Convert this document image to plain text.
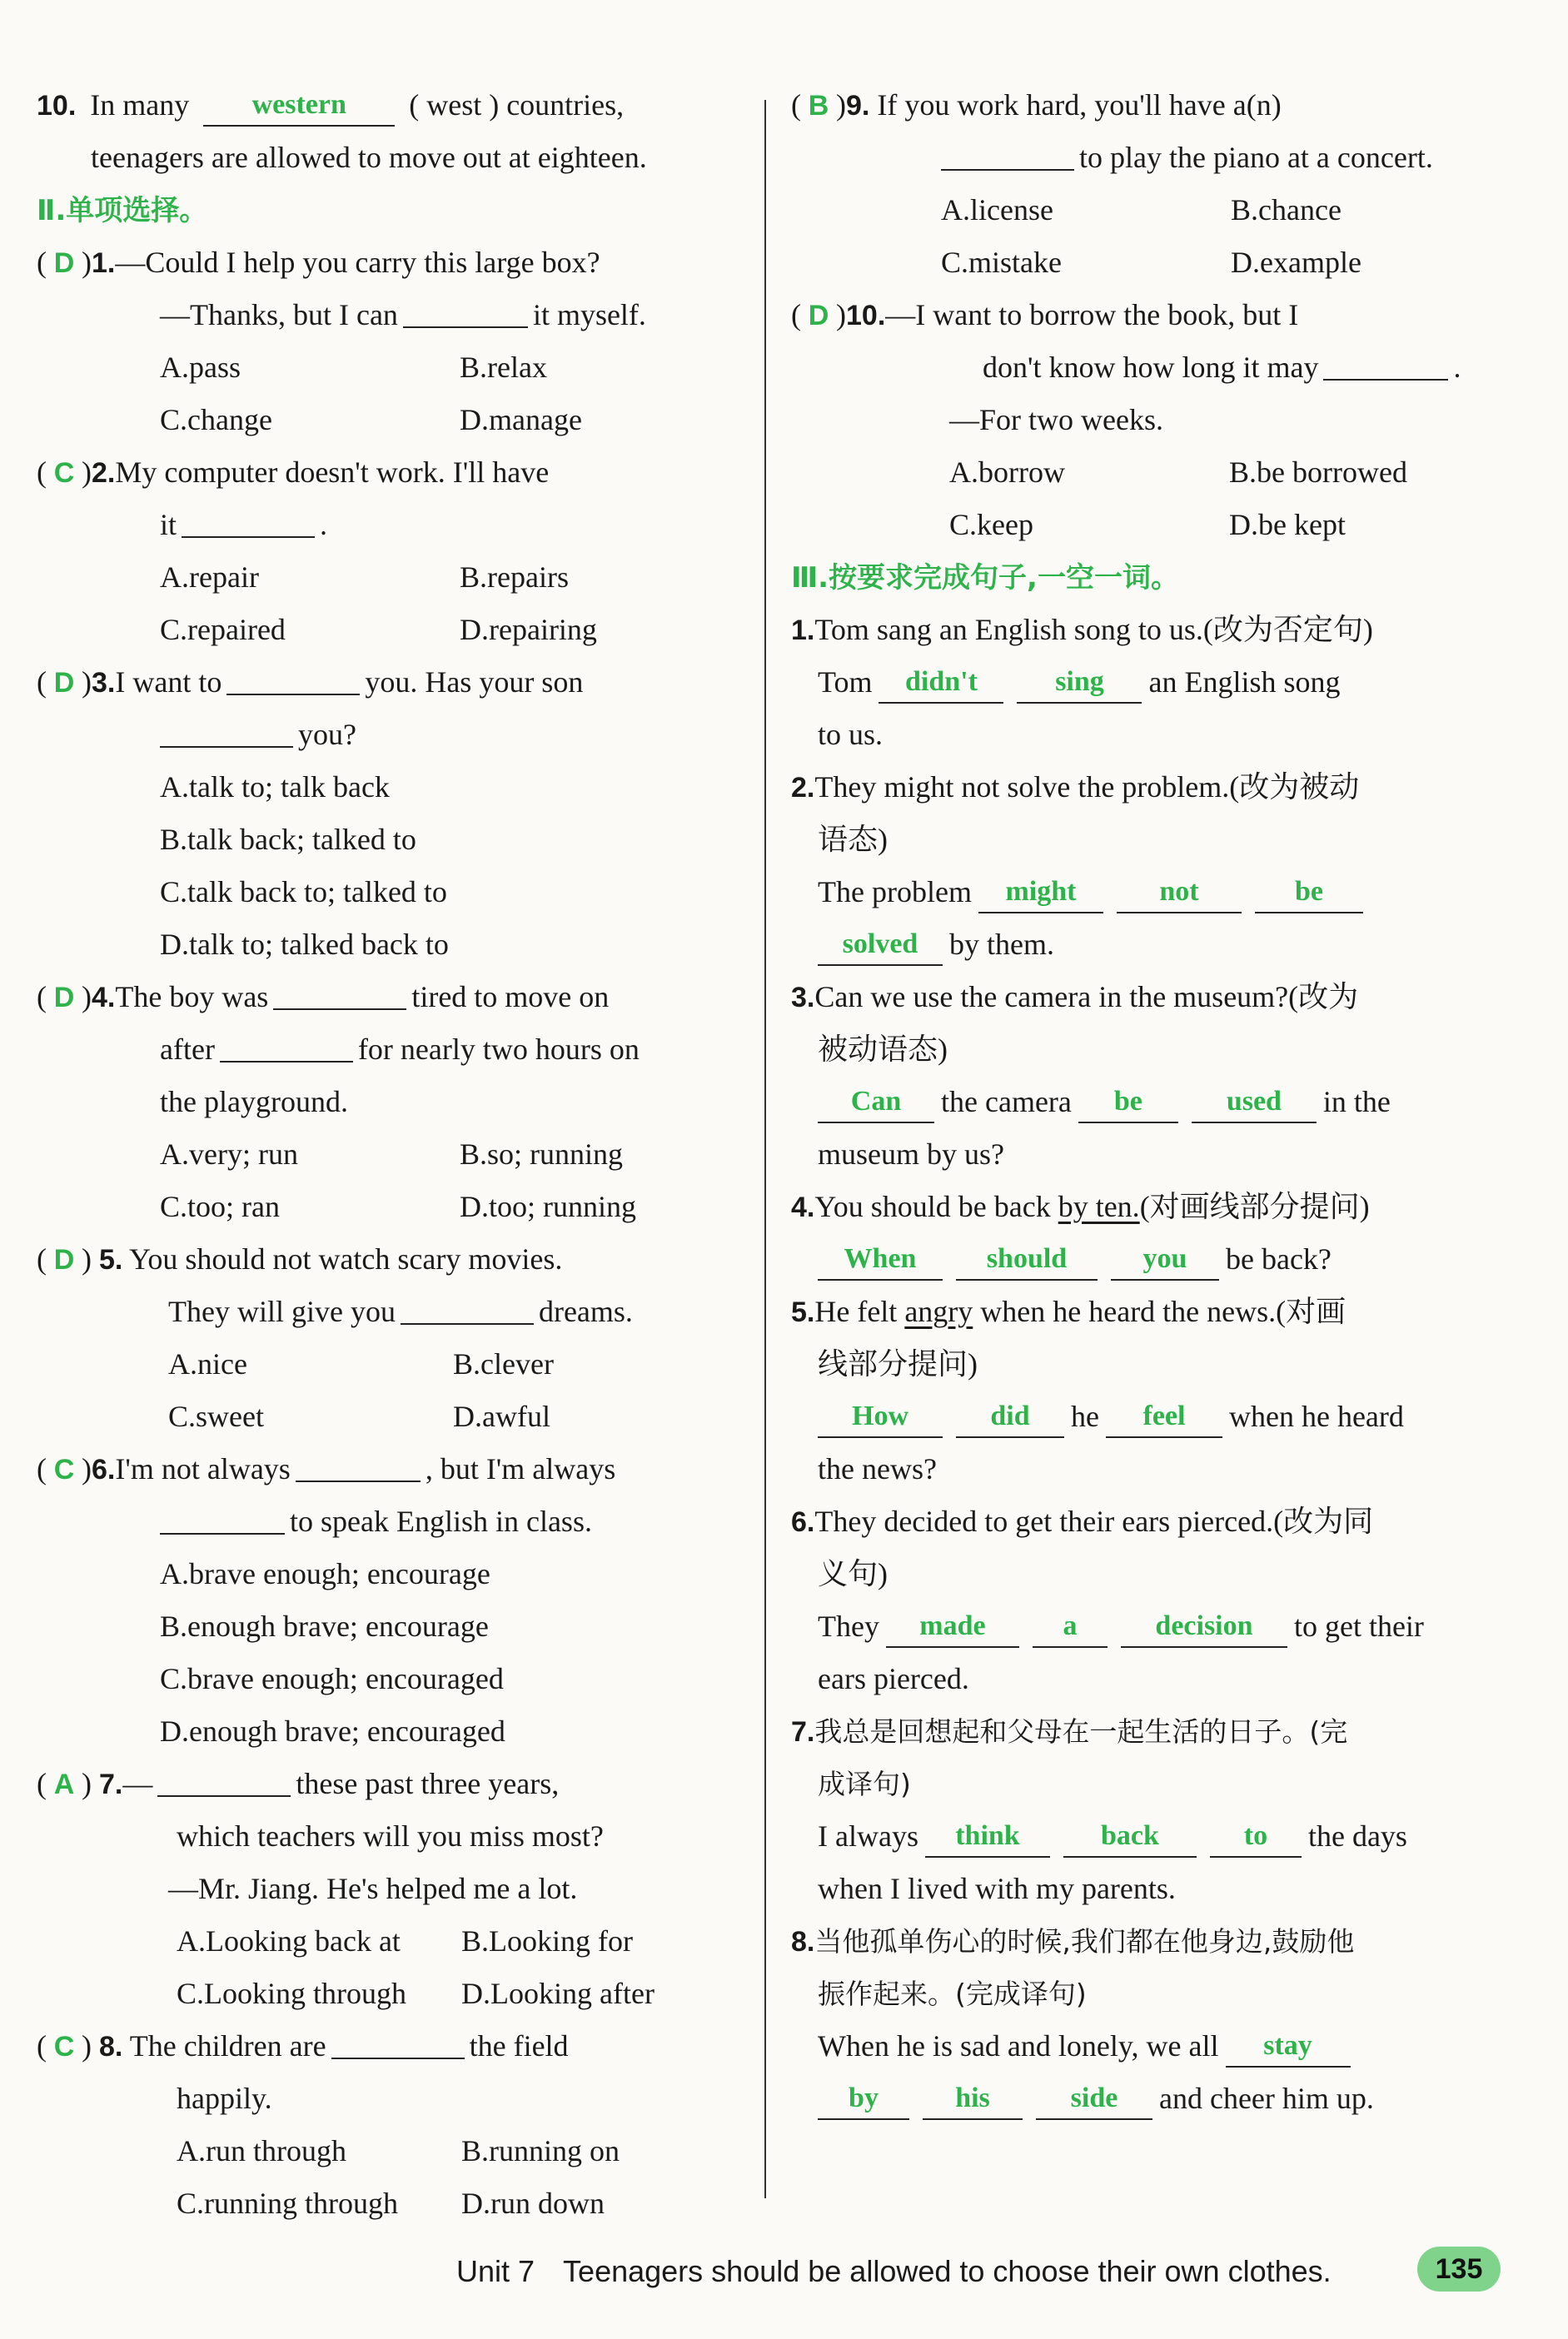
10. In many western ( west ) countries,
teenagers are allowed to move out at eighteen.
Ⅱ.单项选择。
( D )1.—Could I help you carry this large box?
—Thanks, but I can	it myself.
A.pass	B.relax
C.change	D.manage
( C )2.My computer doesn't work. I'll have
it	.
A.repair	B.repairs
C.repaired	D.repairing
( D )3.I want to	you. Has your son
you?
A.talk to; talk back
B.talk back; talked to
C.talk back to; talked to
D.talk to; talked back to
( D )4.The boy was	tired to move on
after	for nearly two hours on
the playground.
A.very; run	B.so; running
C.too; ran	D.too; running
( D ) 5. You should not watch scary movies.
They will give you	dreams.
A.nice	B.clever
C.sweet	D.awful
( C )6.I'm not always	, but I'm always
to speak English in class.
A.brave enough; encourage
B.enough brave; encourage
C.brave enough; encouraged
D.enough brave; encouraged
( A ) 7.—	these past three years,
which teachers will you miss most?
—Mr. Jiang. He's helped me a lot.
A.Looking back at B.Looking for
C.Looking through D.Looking after
( C ) 8. The children are	the field
happily.
A.run through	B.running on
C.running through D.run down
( B )9. If you work hard, you'll have a(n)
to play the piano at a concert.
A.license	B.chance
C.mistake	D.example
( D )10.—I want to borrow the book, but I
don't know how long it may	.
—For two weeks.
A.borrow	B.be borrowed
C.keep	D.be kept
Ⅲ.按要求完成句子,一空一词。
1.Tom sang an English song to us.(改为否定句)
Tom didn't	sing an English song
to us.
2.They might not solve the problem.(改为被动
语态)
The problem might	not	be
solved by them.
3.Can we use the camera in the museum?(改为
被动语态)
Can the camera be	used in the
museum by us?
4.You should be back by ten.(对画线部分提问)
When should	you be back?
5.He felt angry when he heard the news.(对画
线部分提问)
How	did he feel when he heard
the news?
6.They decided to get their ears pierced.(改为同
义句)
They made	a	decision to get their
ears pierced.
7.我总是回想起和父母在一起生活的日子。(完
成译句)
I always think	back	to the days
when I lived with my parents.
8.当他孤单伤心的时候,我们都在他身边,鼓励他
振作起来。(完成译句)
When he is sad and lonely, we all stay
by	his	side and cheer him up.
Unit 7 Teenagers should be allowed to choose their own clothes.	135
